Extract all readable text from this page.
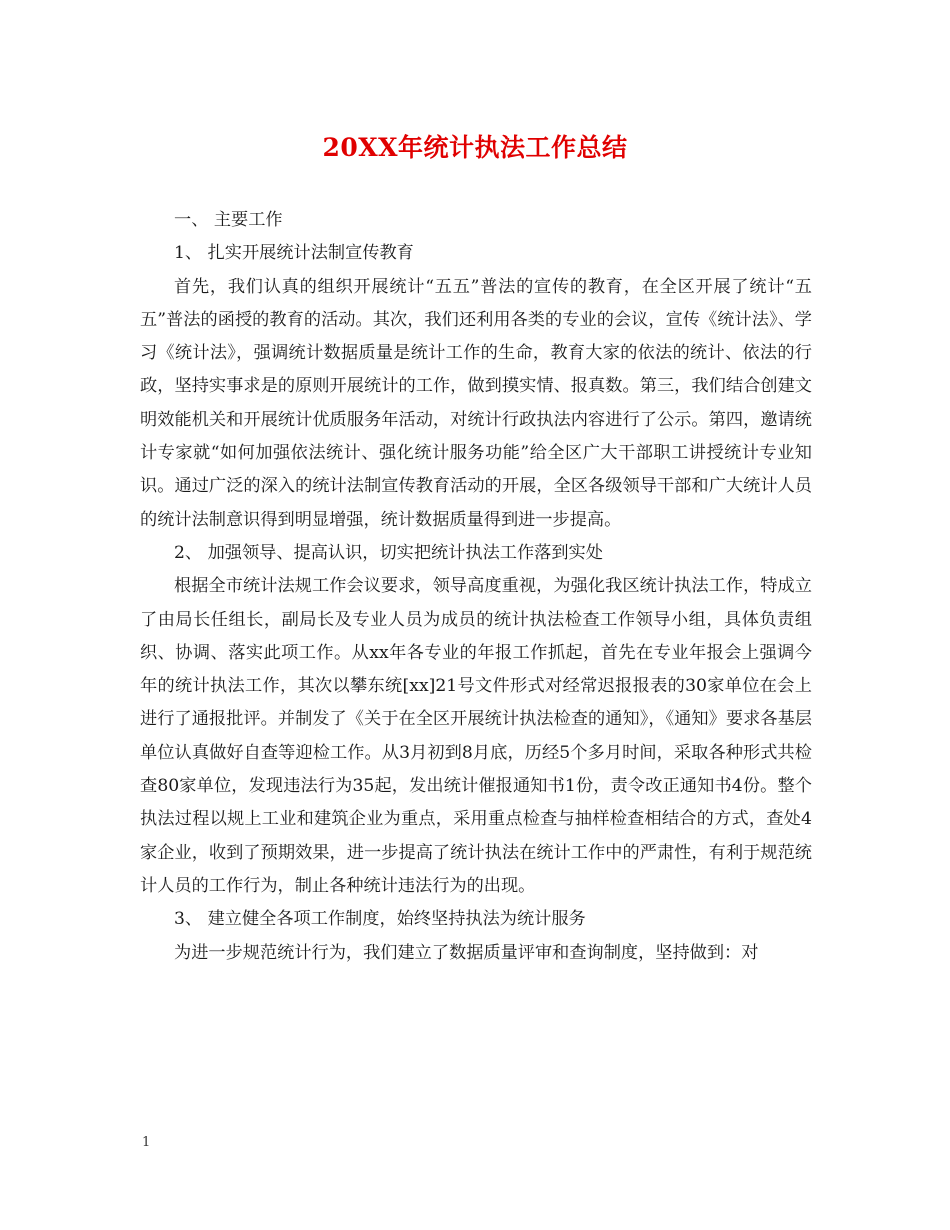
20XX年统计执法工作总结

一、 主要工作

1、 扎实开展统计法制宣传教育

首先，我们认真的组织开展统计“五五”普法的宣传的教育，在全区开展了统计“五五”普法的函授的教育的活动。其次，我们还利用各类的专业的会议，宣传《统计法》、学习《统计法》，强调统计数据质量是统计工作的生命，教育大家的依法的统计、依法的行政，坚持实事求是的原则开展统计的工作，做到摸实情、报真数。第三，我们结合创建文明效能机关和开展统计优质服务年活动，对统计行政执法内容进行了公示。第四，邀请统计专家就“如何加强依法统计、强化统计服务功能”给全区广大干部职工讲授统计专业知识。通过广泛的深入的统计法制宣传教育活动的开展，全区各级领导干部和广大统计人员的统计法制意识得到明显增强，统计数据质量得到进一步提高。

2、 加强领导、提高认识，切实把统计执法工作落到实处

根据全市统计法规工作会议要求，领导高度重视，为强化我区统计执法工作，特成立了由局长任组长，副局长及专业人员为成员的统计执法检查工作领导小组，具体负责组织、协调、落实此项工作。从xx年各专业的年报工作抓起，首先在专业年报会上强调今年的统计执法工作，其次以攀东统[xx]21号文件形式对经常迟报报表的30家单位在会上进行了通报批评。并制发了《关于在全区开展统计执法检查的通知》，《通知》要求各基层单位认真做好自查等迎检工作。从3月初到8月底，历经5个多月时间，采取各种形式共检查80家单位，发现违法行为35起，发出统计催报通知书1份，责令改正通知书4份。整个执法过程以规上工业和建筑企业为重点，采用重点检查与抽样检查相结合的方式，查处4家企业，收到了预期效果，进一步提高了统计执法在统计工作中的严肃性，有利于规范统计人员的工作行为，制止各种统计违法行为的出现。

3、 建立健全各项工作制度，始终坚持执法为统计服务

为进一步规范统计行为，我们建立了数据质量评审和查询制度，坚持做到：对

1
